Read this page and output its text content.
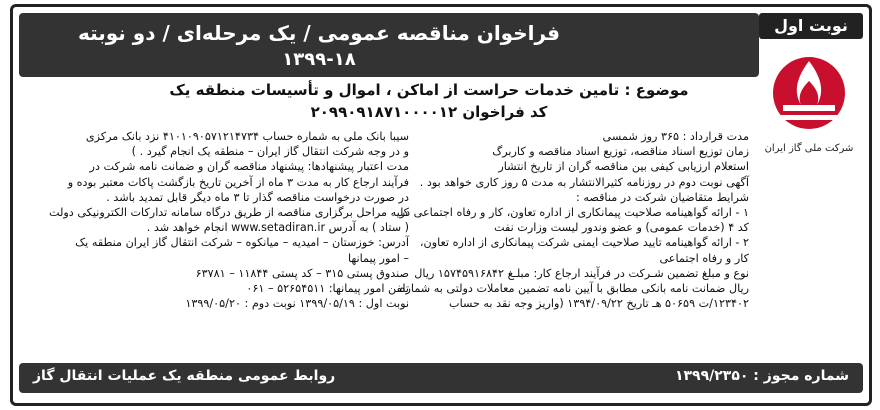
فراخوان مناقصه عمومی / یک مرحله‌ای / دو نوبته
۱۳۹۹-۱۸
نوبت اول
شرکت ملی گاز ایران
موضوع : تامین خدمات حراست از اماکن ، اموال و تأسیسات منطقه یک
کد فراخوان ۲۰۹۹۰۹۱۸۷۱۰۰۰۰۱۲

مدت قرارداد : ۳۶۵ روز شمسی

زمان توزیع اسناد مناقصه، توزیع اسناد مناقصه و کاربرگ

استعلام ارزیابی کیفی بین مناقصه گران از تاریخ انتشار

آگهی نوبت دوم در روزنامه کثیرالانتشار به مدت ۵ روز کاری خواهد بود .

شرایط متقاضیان شرکت در مناقصه :

۱ - ارائه گواهینامه صلاحیت پیمانکاری از اداره تعاون، کار و رفاه اجتماعی در

کد ۴ (خدمات عمومی) و عضو وندور لیست وزارت نفت

۲ - ارائه گواهینامه تایید صلاحیت ایمنی شرکت پیمانکاری از اداره تعاون،

کار و رفاه اجتماعی

نوع و مبلغ تضمین شـرکت در فرآیند ارجاع کار: مبلـغ ۱۵۷۴۵۹۱۶۸۴۲ ریال

ریال ضمانت نامه بانکی مطابق با آیین نامه تضمین معاملات دولتی به شماره

۱۲۳۴۰۲/ت ۵۰۶۵۹ هـ تاریخ ۱۳۹۴/۰۹/۲۲ (واریز وجه نقد به حساب

سیبا بانک ملی به شماره حساب ۴۱۰۱۰۹۰۵۷۱۲۱۴۷۳۴ نزد بانک مرکزی

و در وجه شرکت انتقال گاز ایران – منطقه یک انجام گیرد . )

مدت اعتبار پیشنهادها: پیشنهاد مناقصه گران و ضمانت نامه شرکت در

فرآیند ارجاع کار به مدت ۳ ماه از آخرین تاریخ بازگشت پاکات معتبر بوده و

در صورت درخواست مناقصه گذار تا ۳ ماه دیگر قابل تمدید باشد .

کلیه مراحل برگزاری مناقصه از طریق درگاه سامانه تدارکات الکترونیکی دولت

( ستاد ) به آدرس www.setadiran.ir انجام خواهد شد .

آدرس: خوزستان – امیدیه – میانکوه – شرکت انتقال گاز ایران منطقه یک

– امور پیمانها

صندوق پستی ۳۱۵ – کد پستی ۱۱۸۴۴ – ۶۳۷۸۱

تلفن امور پیمانها: ۵۲۶۵۴۵۱۱ – ۰۶۱

نوبت اول : ۱۳۹۹/۰۵/۱۹ نوبت دوم : ۱۳۹۹/۰۵/۲۰

شماره مجوز : ۱۳۹۹/۲۳۵۰
روابط عمومی منطقه یک عملیات انتقال گاز
